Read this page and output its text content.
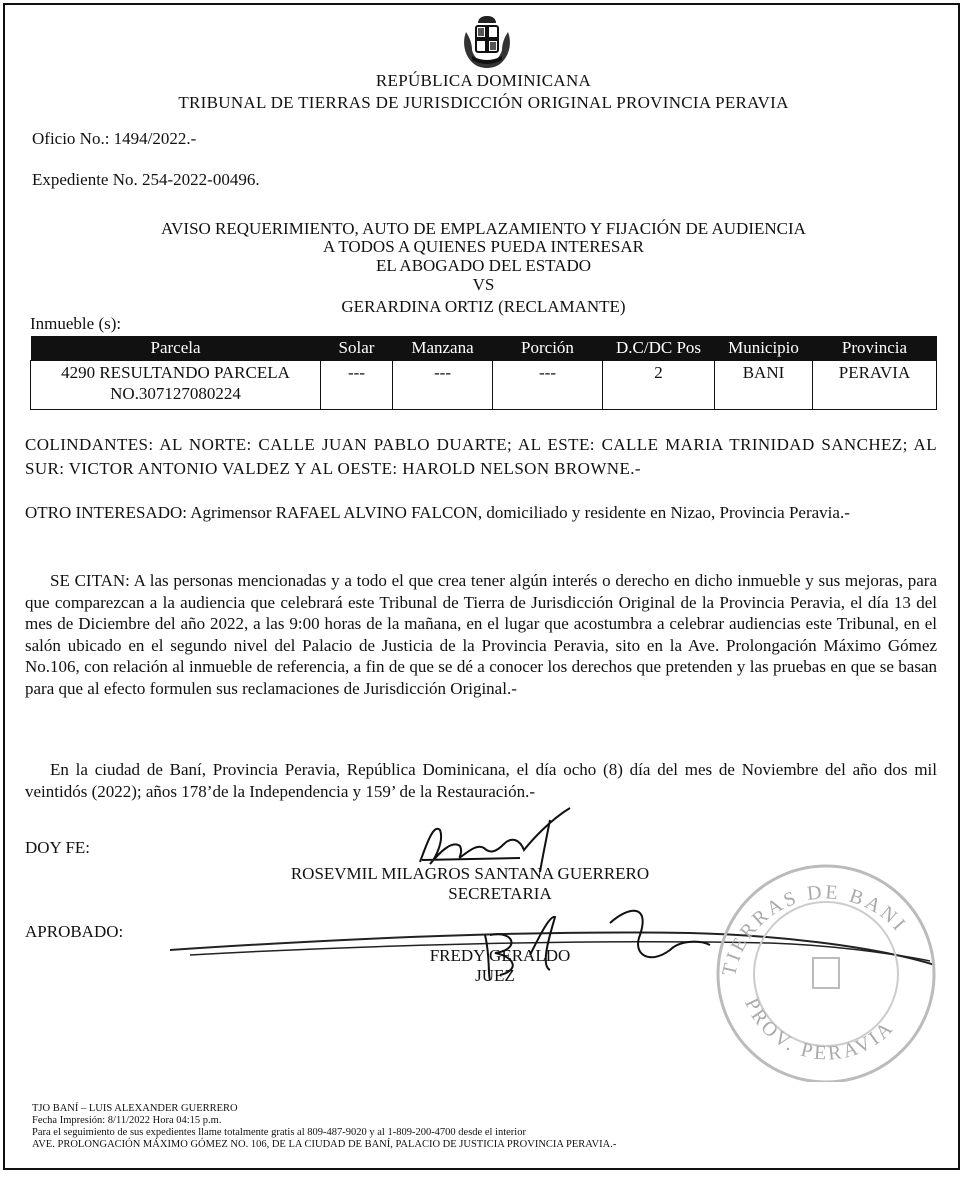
REPÚBLICA DOMINICANA
TRIBUNAL DE TIERRAS DE JURISDICCIÓN ORIGINAL PROVINCIA PERAVIA
Oficio No.: 1494/2022.-
Expediente No. 254-2022-00496.
AVISO REQUERIMIENTO, AUTO DE EMPLAZAMIENTO Y FIJACIÓN DE AUDIENCIA
A TODOS A QUIENES PUEDA INTERESAR
EL ABOGADO DEL ESTADO
VS
GERARDINA ORTIZ (RECLAMANTE)
Inmueble (s):
Parcela	Solar	Manzana	Porción	D.C/DC Pos	Municipio	Provincia

4290 RESULTANDO PARCELA
NO.307127080224	---	---	---	2	BANI	PERAVIA
COLINDANTES: AL NORTE: CALLE JUAN PABLO DUARTE; AL ESTE: CALLE MARIA TRINIDAD SANCHEZ; AL SUR: VICTOR ANTONIO VALDEZ Y AL OESTE: HAROLD NELSON BROWNE.-
OTRO INTERESADO: Agrimensor RAFAEL ALVINO FALCON, domiciliado y residente en Nizao, Provincia Peravia.-
SE CITAN: A las personas mencionadas y a todo el que crea tener algún interés o derecho en dicho inmueble y sus mejoras, para que comparezcan a la audiencia que celebrará este Tribunal de Tierra de Jurisdicción Original de la Provincia Peravia, el día 13 del mes de Diciembre del año 2022, a las 9:00 horas de la mañana, en el lugar que acostumbra a celebrar audiencias este Tribunal, en el salón ubicado en el segundo nivel del Palacio de Justicia de la Provincia Peravia, sito en la Ave. Prolongación Máximo Gómez No.106, con relación al inmueble de referencia, a fin de que se dé a conocer los derechos que pretenden y las pruebas en que se basan para que al efecto formulen sus reclamaciones de Jurisdicción Original.-
En la ciudad de Baní, Provincia Peravia, República Dominicana, el día ocho (8) día del mes de Noviembre del año dos mil veintidós (2022); años 178’de la Independencia y 159’ de la Restauración.-
DOY FE:
ROSEVMIL MILAGROS SANTANA GUERRERO
SECRETARIA
APROBADO:
FREDY GERALDO
JUEZ	TIERRAS DE BANI
PROV. PERAVIA
TJO BANÍ – LUIS ALEXANDER GUERRERO
Fecha Impresión: 8/11/2022 Hora 04:15 p.m.
Para el seguimiento de sus expedientes llame totalmente gratis al 809-487-9020 y al 1-809-200-4700 desde el interior
AVE. PROLONGACIÓN MÁXIMO GÓMEZ NO. 106, DE LA CIUDAD DE BANÍ, PALACIO DE JUSTICIA PROVINCIA PERAVIA.-
